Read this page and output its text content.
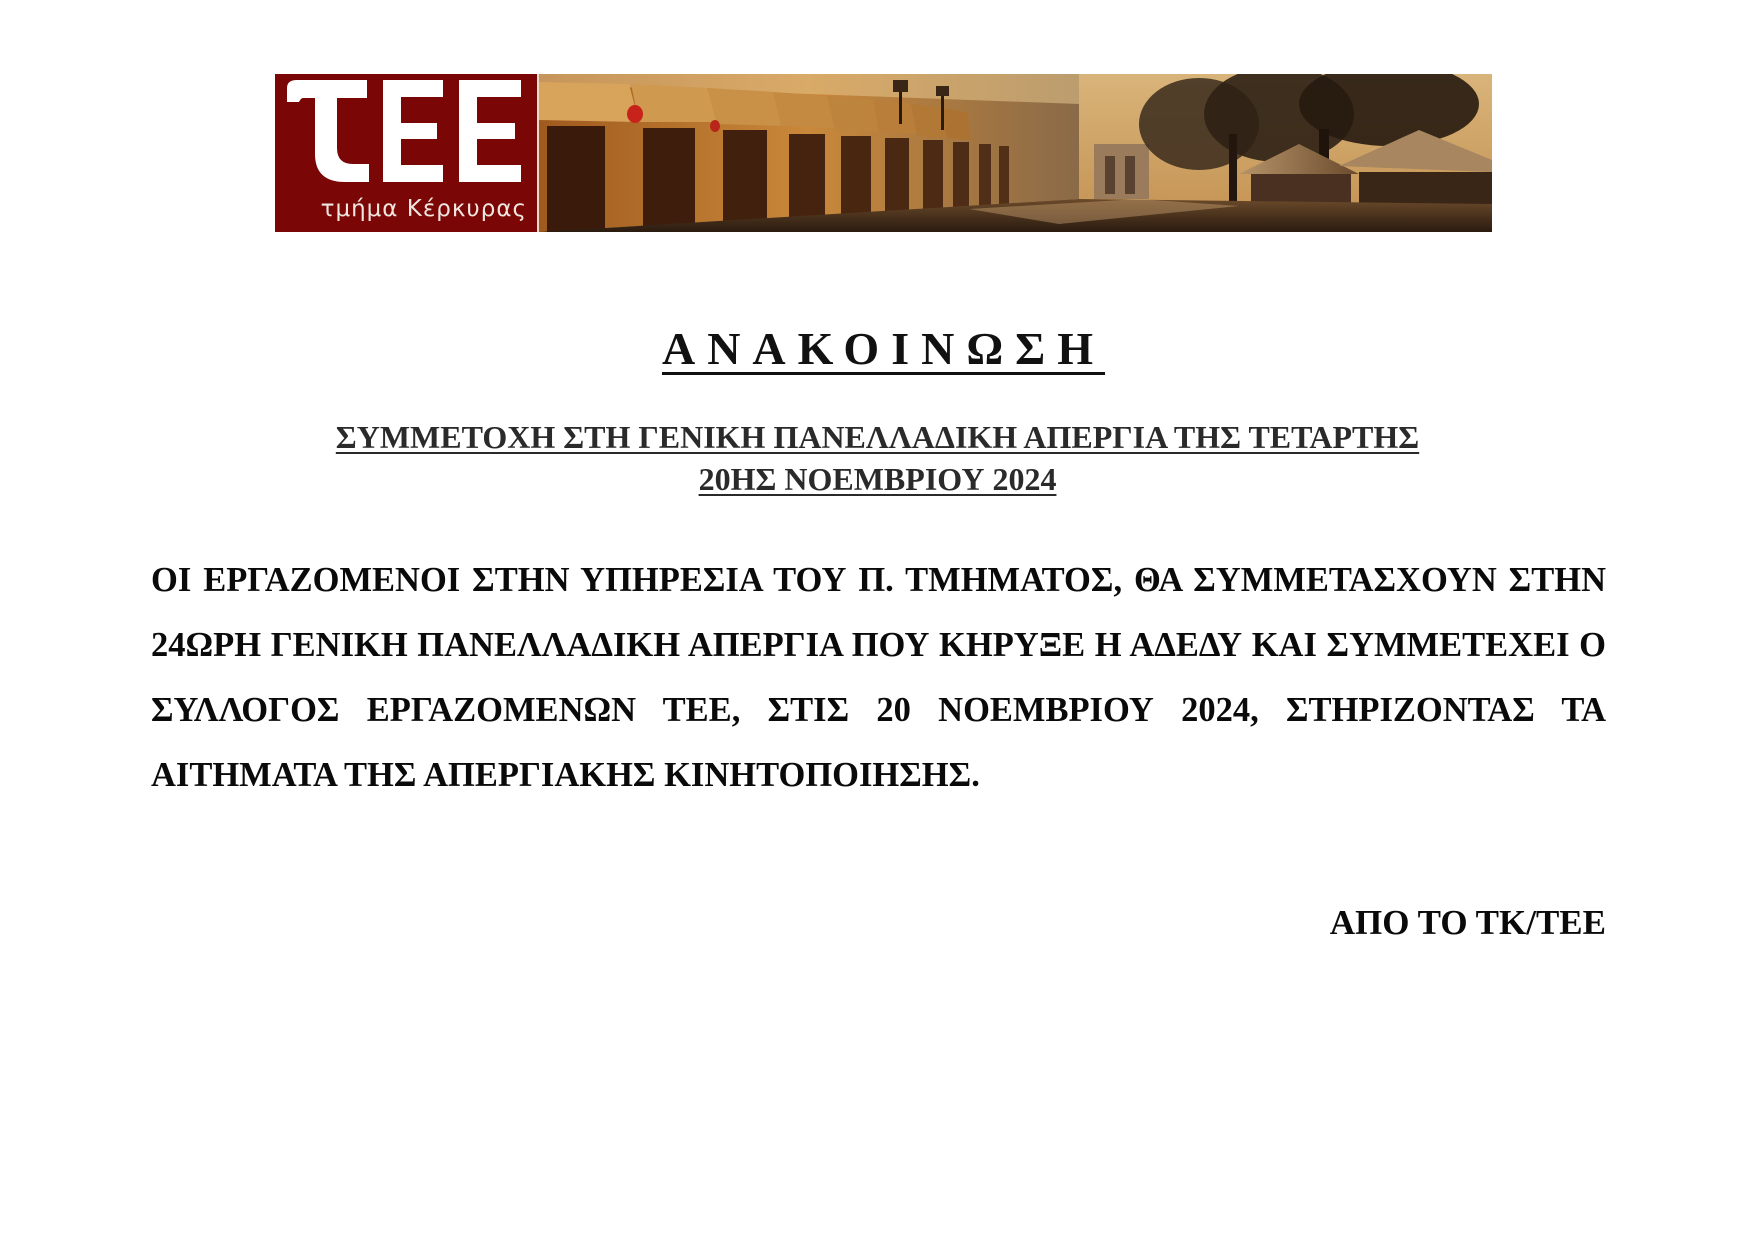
τμήμα Κέρκυρας
ΑΝΑΚΟΙΝΩΣΗ
ΣΥΜΜΕΤΟΧΗ ΣΤΗ ΓΕΝΙΚΗ ΠΑΝΕΛΛΑΔΙΚΗ ΑΠΕΡΓΙΑ ΤΗΣ ΤΕΤΑΡΤΗΣ
20ΗΣ ΝΟΕΜΒΡΙΟΥ 2024

ΟΙ ΕΡΓΑΖΟΜΕΝΟΙ ΣΤΗΝ ΥΠΗΡΕΣΙΑ ΤΟΥ Π. ΤΜΗΜΑΤΟΣ, ΘΑ ΣΥΜΜΕΤΑΣΧΟΥΝ ΣΤΗΝ 24ΩΡΗ ΓΕΝΙΚΗ ΠΑΝΕΛΛΑΔΙΚΗ ΑΠΕΡΓΙΑ ΠΟΥ ΚΗΡΥΞΕ Η ΑΔΕΔΥ ΚΑΙ ΣΥΜΜΕΤΕΧΕΙ Ο ΣΥΛΛΟΓΟΣ ΕΡΓΑΖΟΜΕΝΩΝ ΤΕΕ, ΣΤΙΣ 20 ΝΟΕΜΒΡΙΟΥ 2024, ΣΤΗΡΙΖΟΝΤΑΣ ΤΑ ΑΙΤΗΜΑΤΑ ΤΗΣ ΑΠΕΡΓΙΑΚΗΣ ΚΙΝΗΤΟΠΟΙΗΣΗΣ.

ΑΠΟ ΤΟ ΤΚ/ΤΕΕ
